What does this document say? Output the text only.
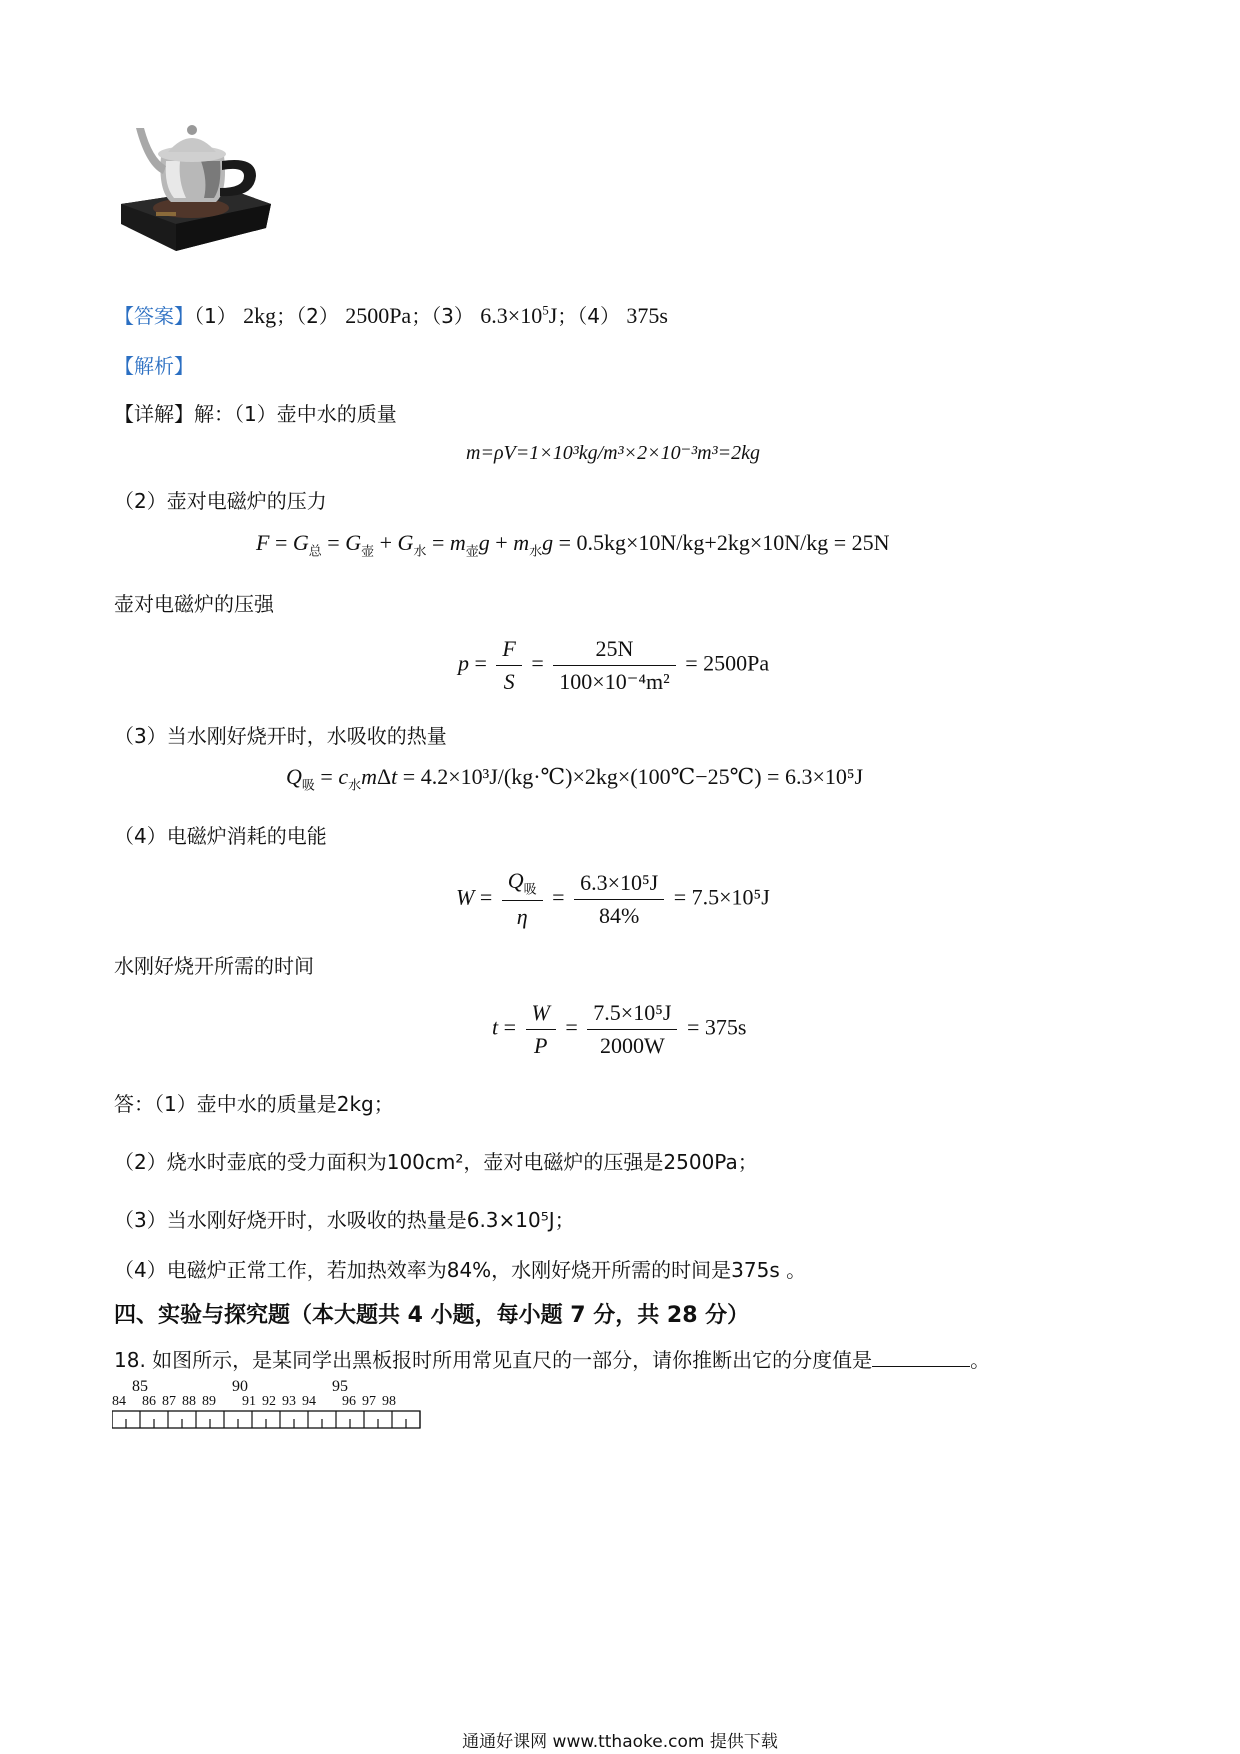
【答案】（1） 2kg；（2） 2500Pa；（3） $6.3\times 10^5J$；（4） 375s
【解析】
【详解】解：（1）壶中水的质量
m=ρV=1×10³kg/m³×2×10⁻³m³=2kg
（2）壶对电磁炉的压力
$F = G_总 = G_壶 + G_水 = m_壶g + m_水g = 0.5kg\times 10N/kg+2kg\times 10N/kg = 25N$
壶对电磁炉的压强
$p = \frac{F}{S} = \frac{25N}{\text{100×10⁻⁴m²}} = 2500Pa$
（3）当水刚好烧开时，水吸收的热量
$Q_吸 = c_水m\Delta t$ = 4.2×10³J/(kg·℃)×2kg×(100℃−25℃) = 6.3×10⁵J
（4）电磁炉消耗的电能
$W = \frac{Q_吸}{\eta} = \frac{\text{6.3×10⁵J}}{84\%} = 7.5\times 10^5J$
水刚好烧开所需的时间
$t = \frac{W}{P} = \frac{\text{7.5×10⁵J}}{2000W} = 375s$
答：（1）壶中水的质量是2kg；
（2）烧水时壶底的受力面积为100cm²，壶对电磁炉的压强是2500Pa；
（3）当水刚好烧开时，水吸收的热量是6.3×10⁵J；
（4）电磁炉正常工作，若加热效率为84%，水刚好烧开所需的时间是375s 。
四、实验与探究题（本大题共 4 小题，每小题 7 分，共 28 分）
18. 如图所示，是某同学出黑板报时所用常见直尺的一部分，请你推断出它的分度值是	。
84 86 87 88 89 91 92 93 94 96 97 98
85	90	95
通通好课网 www.tthaoke.com 提供下载
